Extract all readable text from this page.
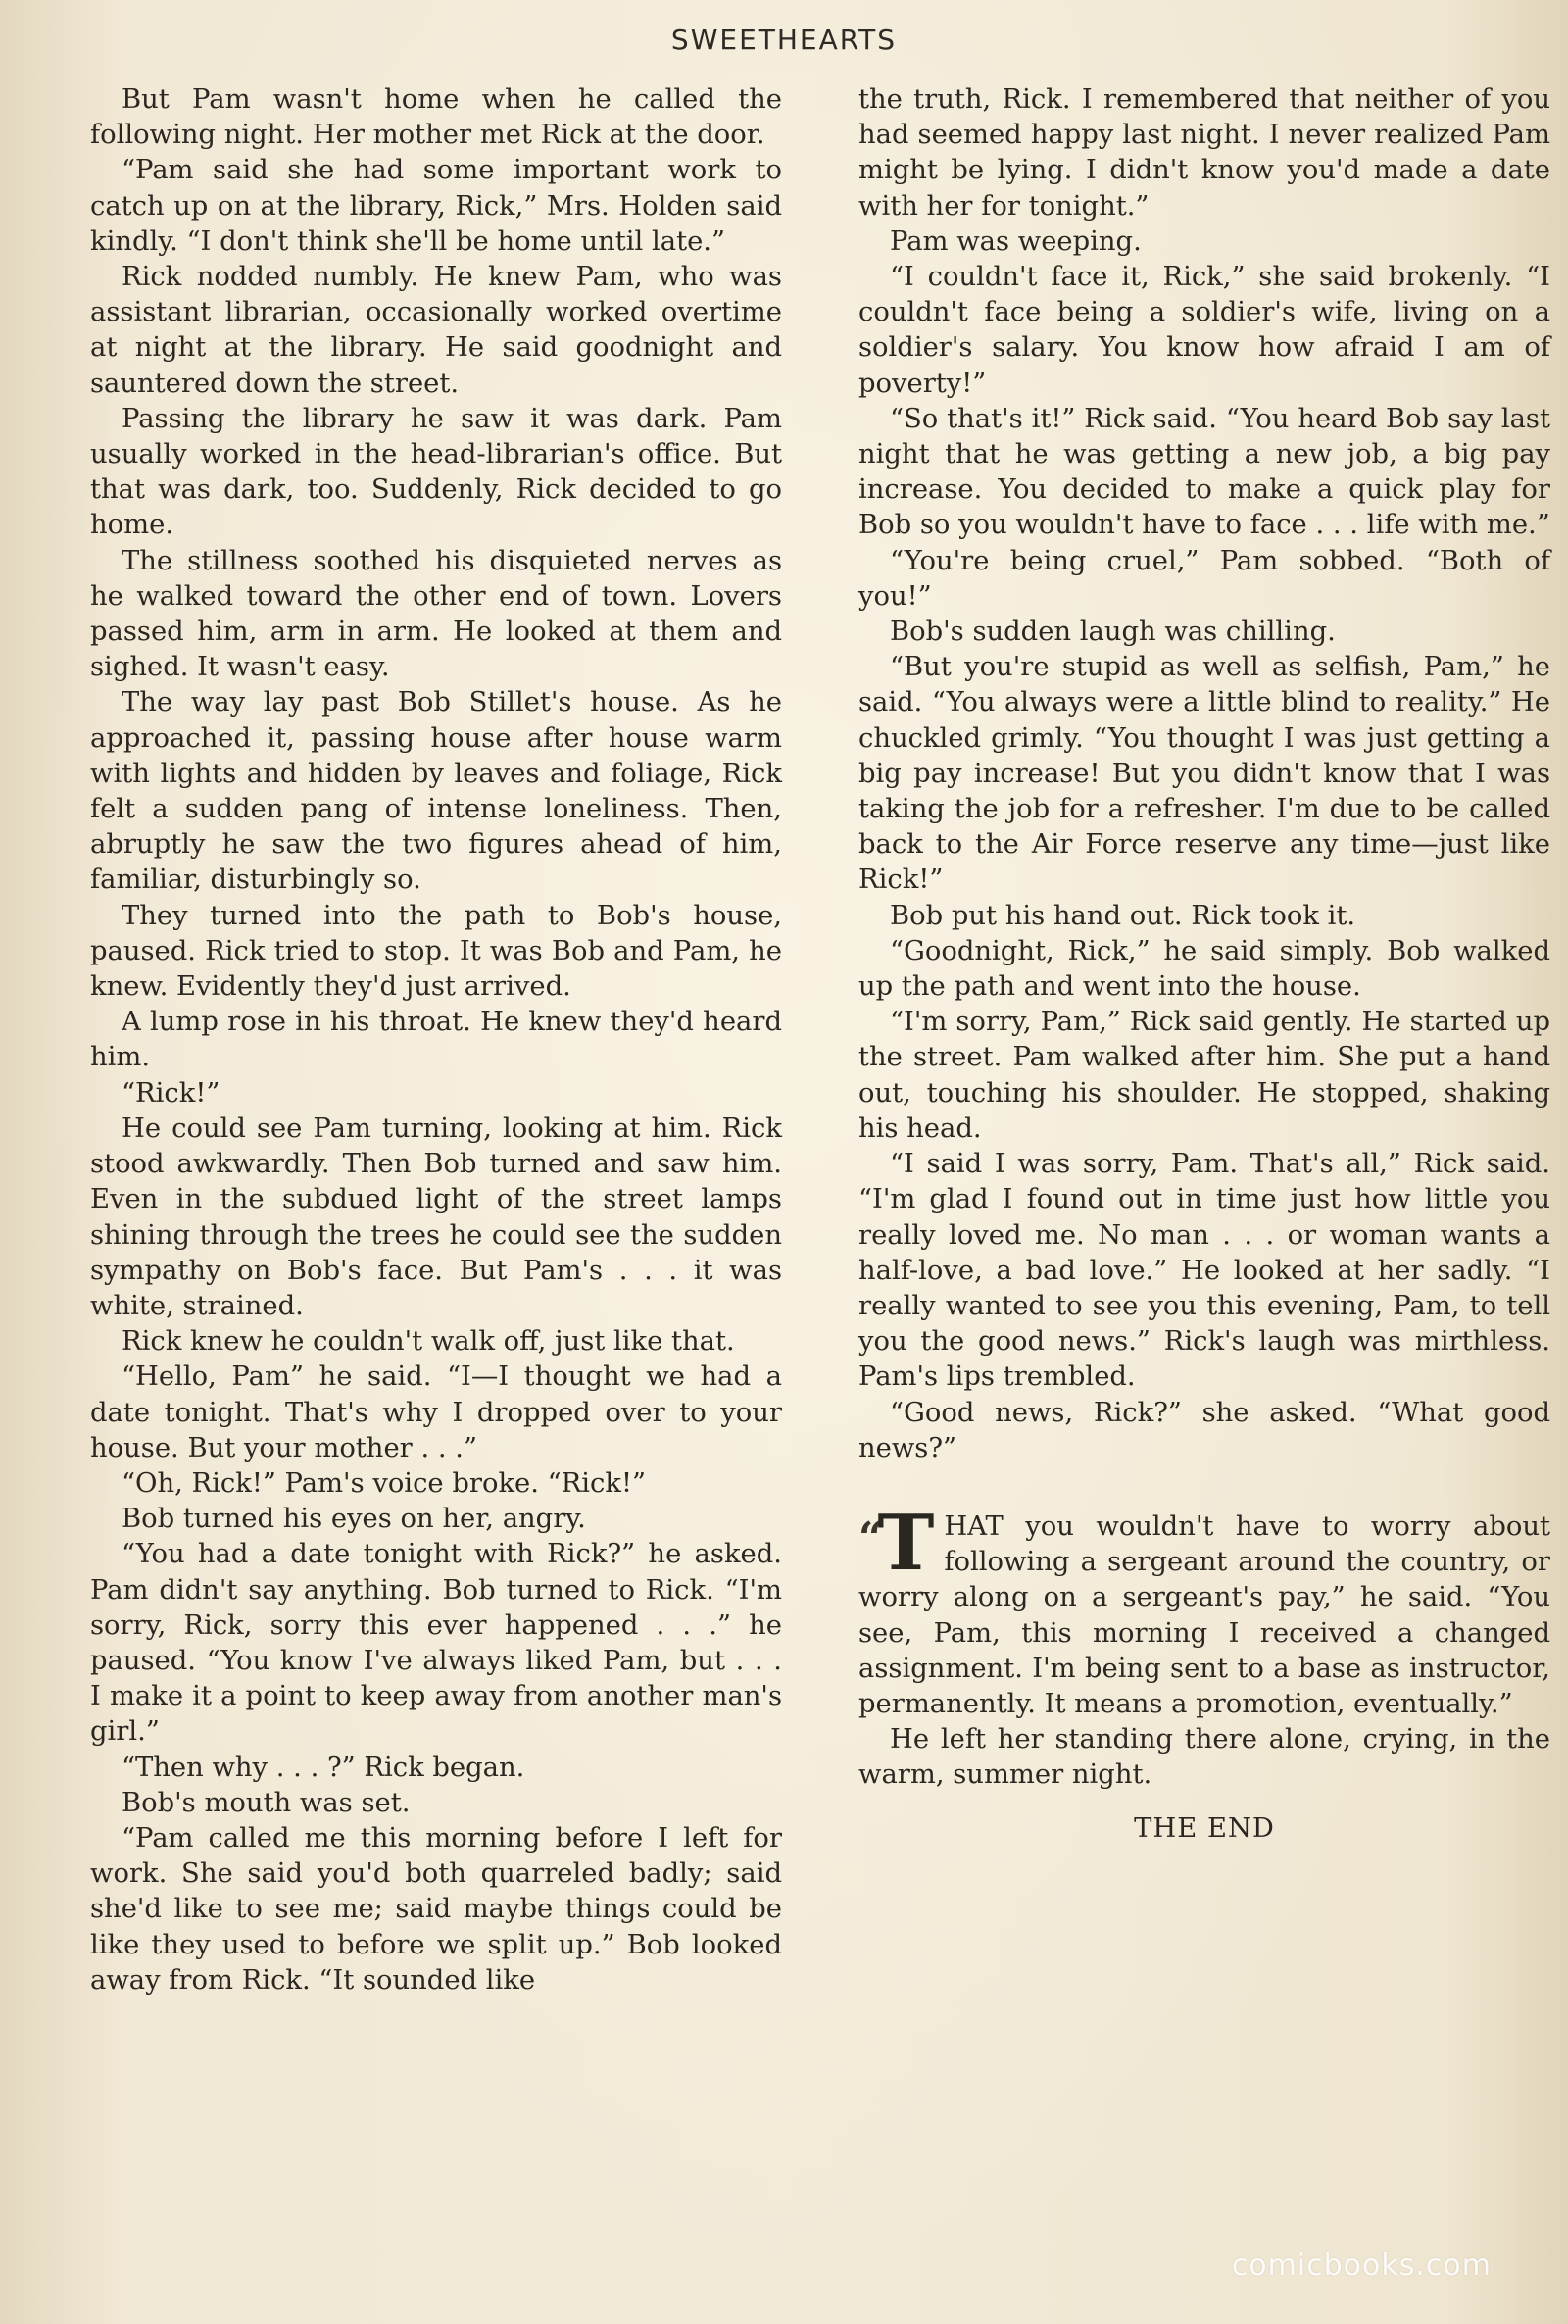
SWEETHEARTS

But Pam wasn't home when he called the following night. Her mother met Rick at the door.

“Pam said she had some important work to catch up on at the library, Rick,” Mrs. Holden said kindly. “I don't think she'll be home until late.”

Rick nodded numbly. He knew Pam, who was assistant librarian, occasionally worked overtime at night at the library. He said goodnight and sauntered down the street.

Passing the library he saw it was dark. Pam usually worked in the head-librarian's office. But that was dark, too. Suddenly, Rick decided to go home.

The stillness soothed his disquieted nerves as he walked toward the other end of town. Lovers passed him, arm in arm. He looked at them and sighed. It wasn't easy.

The way lay past Bob Stillet's house. As he approached it, passing house after house warm with lights and hidden by leaves and foliage, Rick felt a sudden pang of intense loneliness. Then, abruptly he saw the two figures ahead of him, familiar, disturbingly so.

They turned into the path to Bob's house, paused. Rick tried to stop. It was Bob and Pam, he knew. Evidently they'd just arrived.

A lump rose in his throat. He knew they'd heard him.

“Rick!”

He could see Pam turning, looking at him. Rick stood awkwardly. Then Bob turned and saw him. Even in the subdued light of the street lamps shining through the trees he could see the sudden sympathy on Bob's face. But Pam's . . . it was white, strained.

Rick knew he couldn't walk off, just like that.

“Hello, Pam” he said. “I—I thought we had a date tonight. That's why I dropped over to your house. But your mother . . .”

“Oh, Rick!” Pam's voice broke. “Rick!”

Bob turned his eyes on her, angry.

“You had a date tonight with Rick?” he asked. Pam didn't say anything. Bob turned to Rick. “I'm sorry, Rick, sorry this ever happened . . .” he paused. “You know I've always liked Pam, but . . . I make it a point to keep away from another man's girl.”

“Then why . . . ?” Rick began.

Bob's mouth was set.

“Pam called me this morning before I left for work. She said you'd both quarreled badly; said she'd like to see me; said maybe things could be like they used to before we split up.” Bob looked away from Rick. “It sounded like

the truth, Rick. I remembered that neither of you had seemed happy last night. I never realized Pam might be lying. I didn't know you'd made a date with her for tonight.”

Pam was weeping.

“I couldn't face it, Rick,” she said brokenly. “I couldn't face being a soldier's wife, living on a soldier's salary. You know how afraid I am of poverty!”

“So that's it!” Rick said. “You heard Bob say last night that he was getting a new job, a big pay increase. You decided to make a quick play for Bob so you wouldn't have to face . . . life with me.”

“You're being cruel,” Pam sobbed. “Both of you!”

Bob's sudden laugh was chilling.

“But you're stupid as well as selfish, Pam,” he said. “You always were a little blind to reality.” He chuckled grimly. “You thought I was just getting a big pay increase! But you didn't know that I was taking the job for a refresher. I'm due to be called back to the Air Force reserve any time—just like Rick!”

Bob put his hand out. Rick took it.

“Goodnight, Rick,” he said simply. Bob walked up the path and went into the house.

“I'm sorry, Pam,” Rick said gently. He started up the street. Pam walked after him. She put a hand out, touching his shoulder. He stopped, shaking his head.

“I said I was sorry, Pam. That's all,” Rick said. “I'm glad I found out in time just how little you really loved me. No man . . . or woman wants a half-love, a bad love.” He looked at her sadly. “I really wanted to see you this evening, Pam, to tell you the good news.” Rick's laugh was mirthless. Pam's lips trembled.

“Good news, Rick?” she asked. “What good news?”

“ T HAT you wouldn't have to worry about following a sergeant around the country, or worry along on a sergeant's pay,” he said. “You see, Pam, this morning I received a changed assignment. I'm being sent to a base as instructor, permanently. It means a promotion, eventually.”

He left her standing there alone, crying, in the warm, summer night.

THE END

comicbooks.com
